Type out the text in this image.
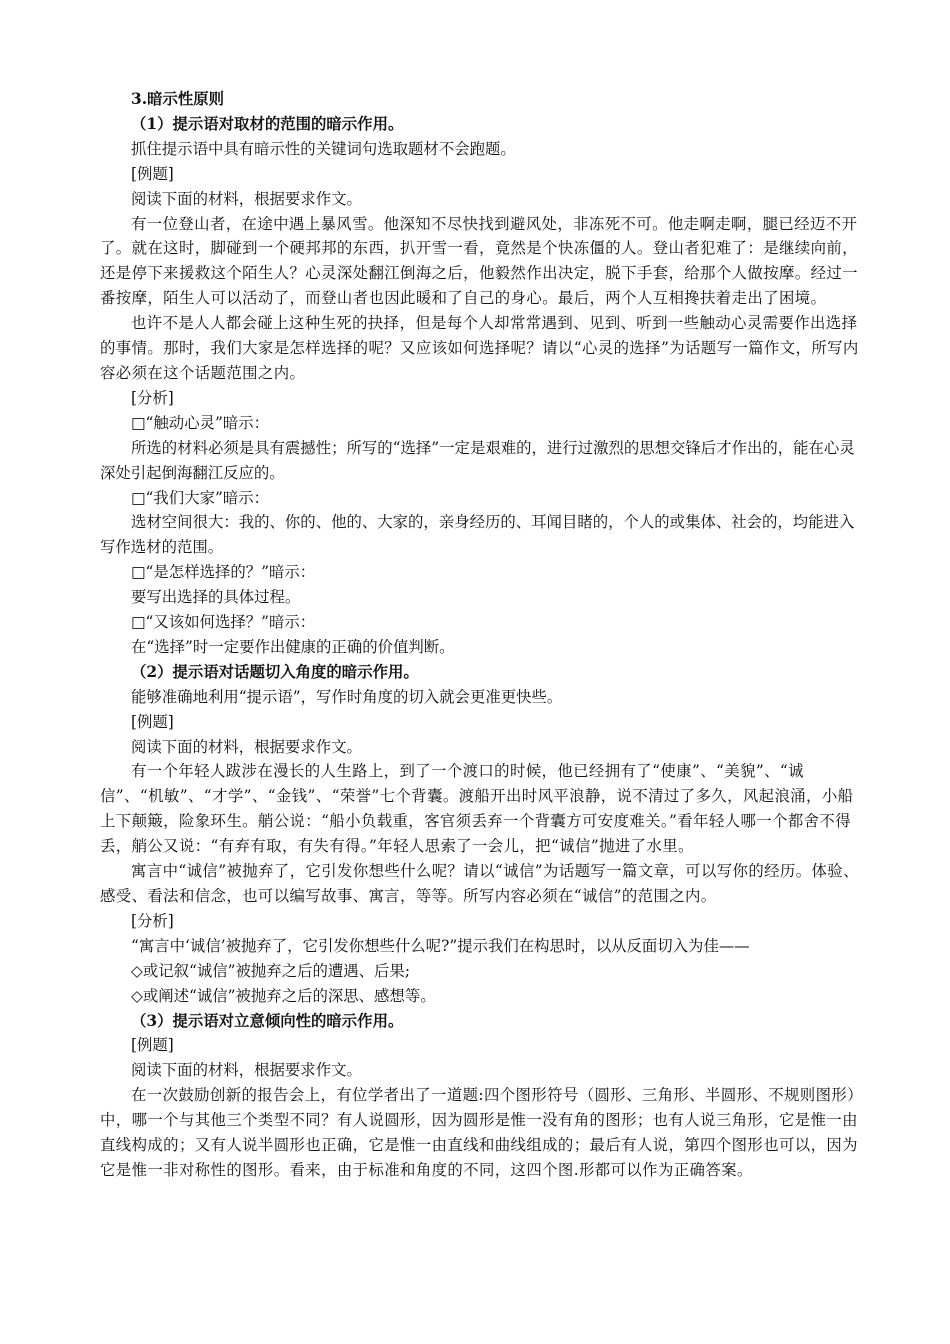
3.暗示性原则

（1）提示语对取材的范围的暗示作用。

抓住提示语中具有暗示性的关键词句选取题材不会跑题。

[例题]

阅读下面的材料，根据要求作文。

有一位登山者，在途中遇上暴风雪。他深知不尽快找到避风处，非冻死不可。他走啊走啊，腿已经迈不开了。就在这时，脚碰到一个硬邦邦的东西，扒开雪一看，竟然是个快冻僵的人。登山者犯难了：是继续向前，还是停下来援救这个陌生人？心灵深处翻江倒海之后，他毅然作出决定，脱下手套，给那个人做按摩。经过一番按摩，陌生人可以活动了，而登山者也因此暖和了自己的身心。最后，两个人互相搀扶着走出了困境。

也许不是人人都会碰上这种生死的抉择，但是每个人却常常遇到、见到、听到一些触动心灵需要作出选择的事情。那时，我们大家是怎样选择的呢？又应该如何选择呢？请以“心灵的选择”为话题写一篇作文，所写内容必须在这个话题范围之内。

[分析]

□“触动心灵”暗示：

所选的材料必须是具有震撼性；所写的“选择”一定是艰难的，进行过激烈的思想交锋后才作出的，能在心灵深处引起倒海翻江反应的。

□“我们大家”暗示：

选材空间很大：我的、你的、他的、大家的，亲身经历的、耳闻目睹的，个人的或集体、社会的，均能进入写作选材的范围。

□“是怎样选择的？”暗示：

要写出选择的具体过程。

□“又该如何选择？”暗示：

在“选择”时一定要作出健康的正确的价值判断。

（2）提示语对话题切入角度的暗示作用。

能够准确地利用“提示语”，写作时角度的切入就会更准更快些。

[例题]

阅读下面的材料，根据要求作文。

有一个年轻人跋涉在漫长的人生路上，到了一个渡口的时候，他已经拥有了“使康”、“美貌”、“诚信”、“机敏”、“才学”、“金钱”、“荣誉”七个背囊。渡船开出时风平浪静，说不清过了多久，风起浪涌，小船上下颠簸，险象环生。艄公说：“船小负载重，客官须丢弃一个背囊方可安度难关。”看年轻人哪一个都舍不得丢，艄公又说：“有弃有取，有失有得。”年轻人思索了一会儿，把“诚信”抛进了水里。

寓言中“诚信”被抛弃了，它引发你想些什么呢？请以“诚信”为话题写一篇文章，可以写你的经历。体验、感受、看法和信念，也可以编写故事、寓言，等等。所写内容必须在“诚信”的范围之内。

[分析]

“寓言中‘诚信’被抛弃了，它引发你想些什么呢?”提示我们在构思时，以从反面切入为佳——

◇或记叙“诚信”被抛弃之后的遭遇、后果;

◇或阐述“诚信”被抛弃之后的深思、感想等。

（3）提示语对立意倾向性的暗示作用。

[例题]

阅读下面的材料，根据要求作文。

在一次鼓励创新的报告会上，有位学者出了一道题:四个图形符号（圆形、三角形、半圆形、不规则图形）中，哪一个与其他三个类型不同？有人说圆形，因为圆形是惟一没有角的图形；也有人说三角形，它是惟一由直线构成的；又有人说半圆形也正确，它是惟一由直线和曲线组成的；最后有人说，第四个图形也可以，因为它是惟一非对称性的图形。看来，由于标准和角度的不同，这四个图.形都可以作为正确答案。
